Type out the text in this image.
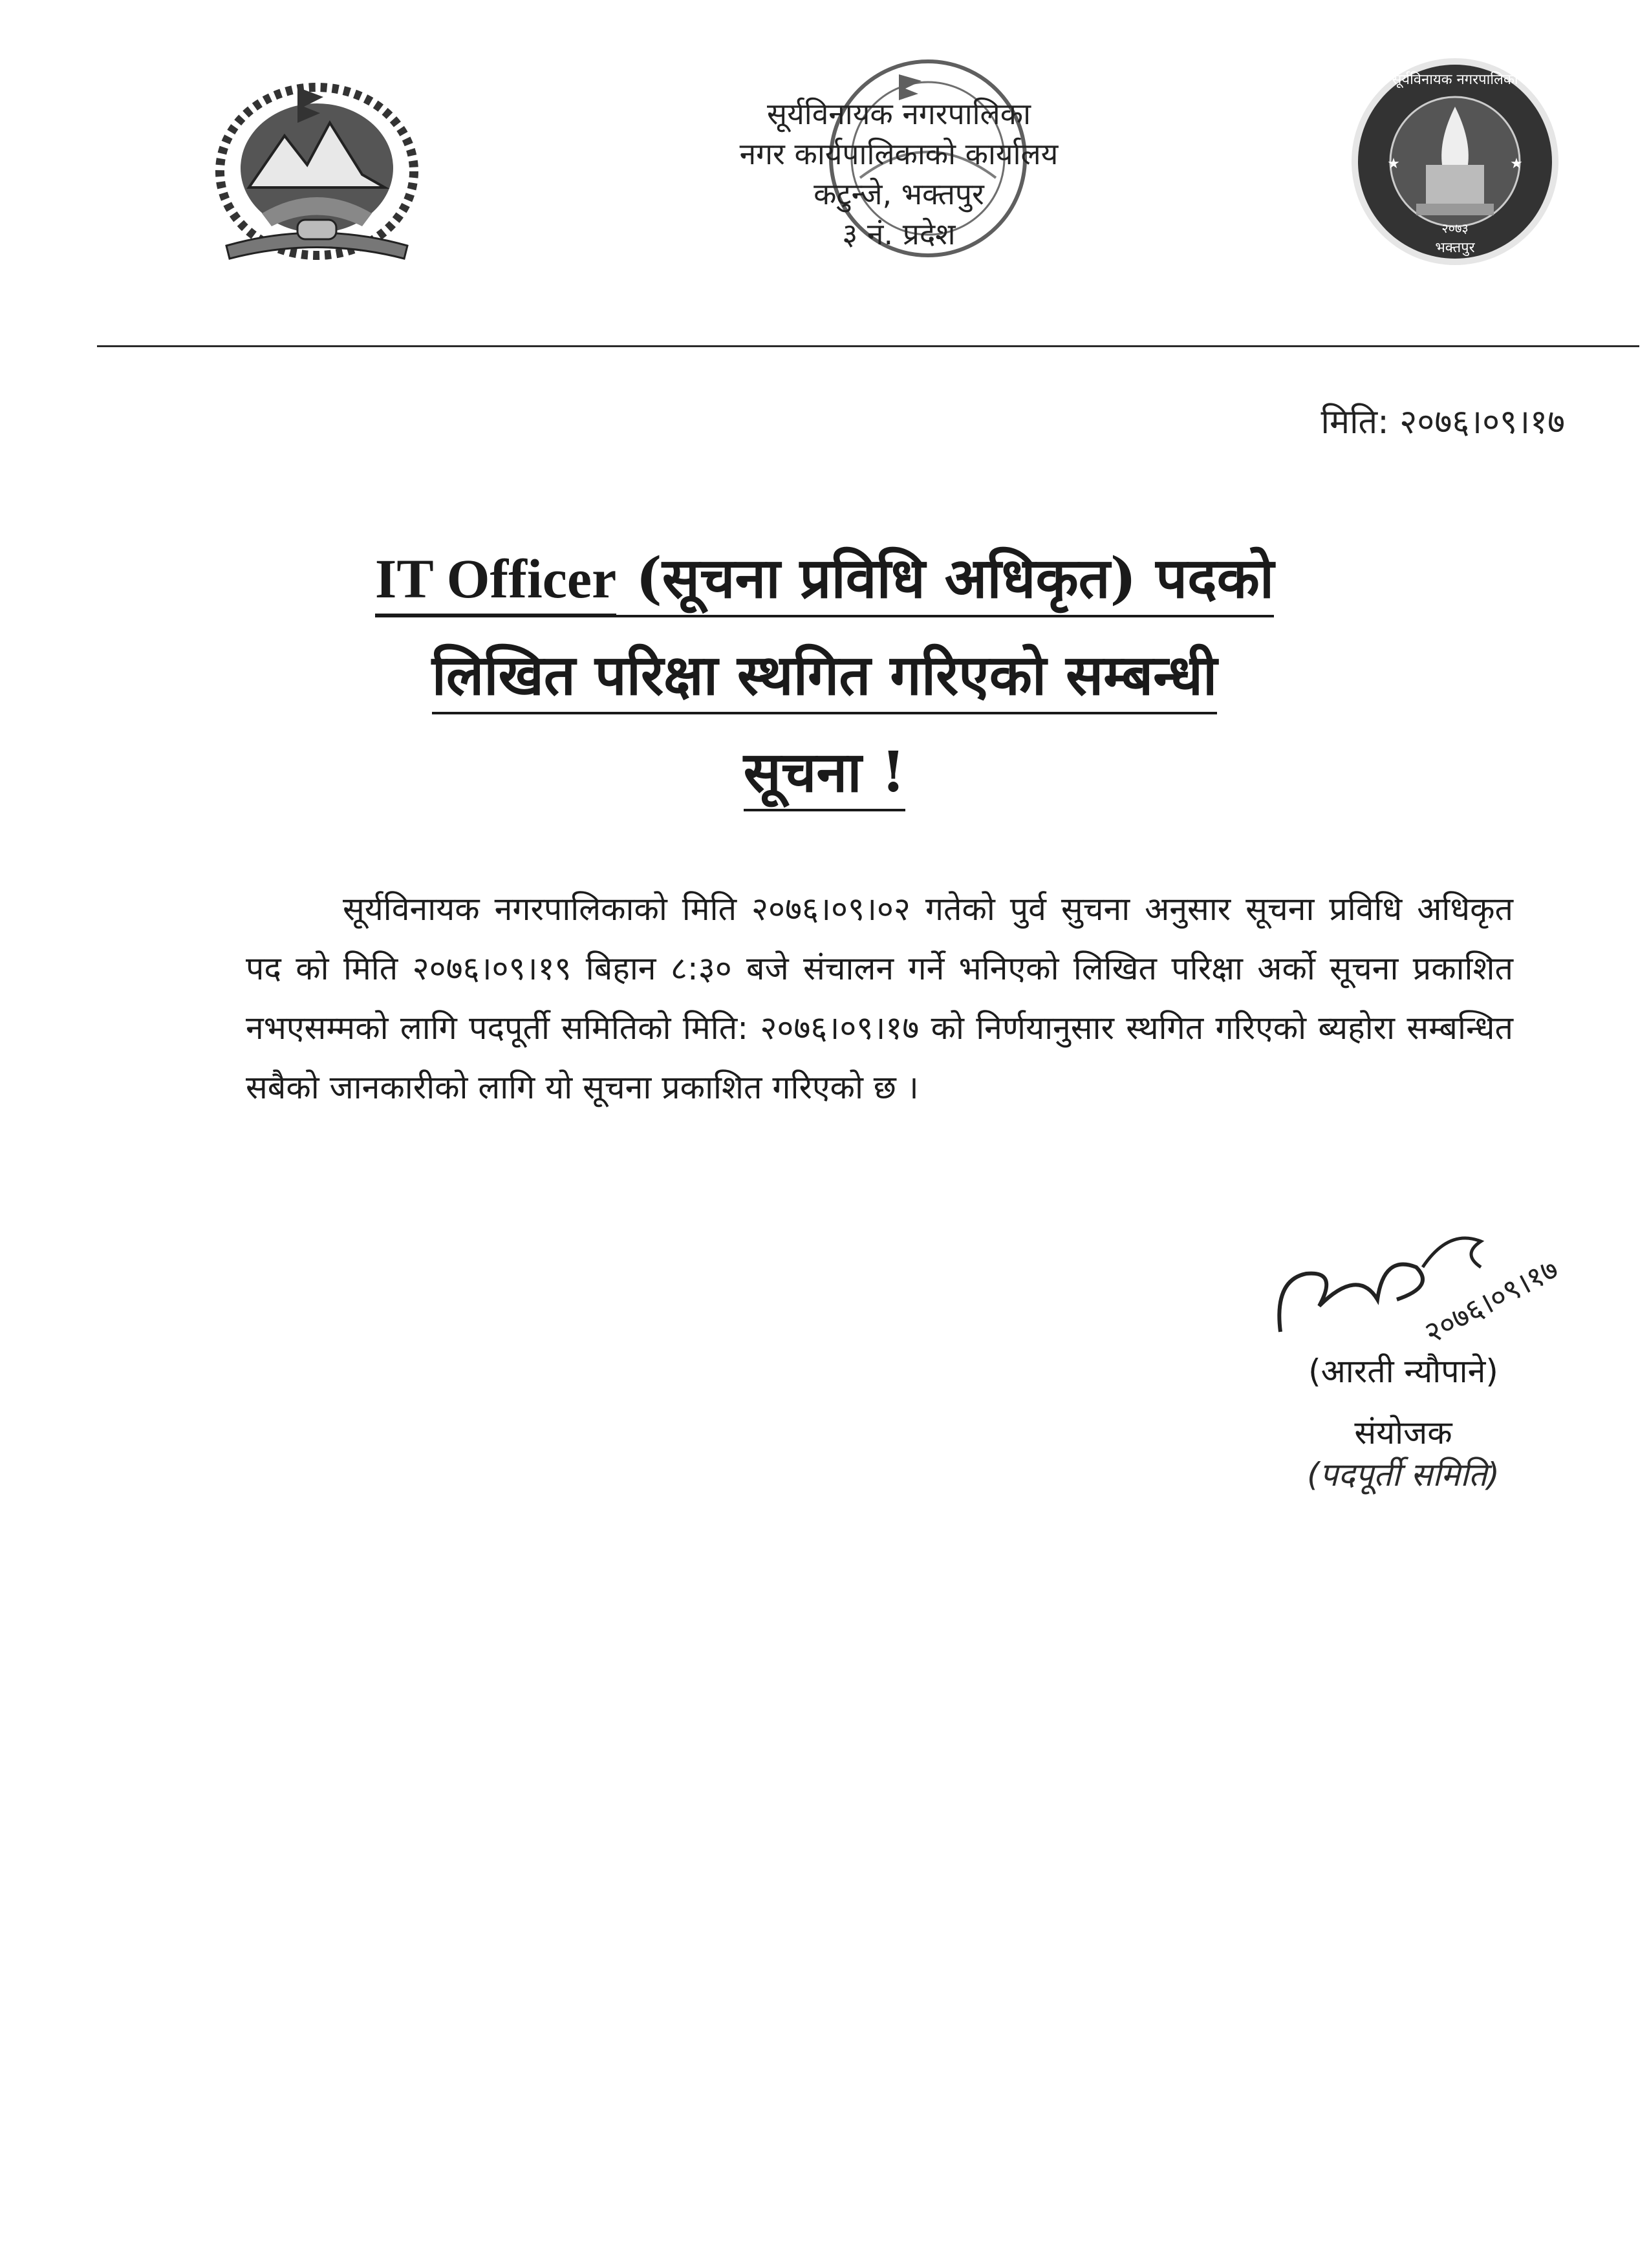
सूर्यविनायक नगरपालिका
नगर कार्यपालिकाको कार्यालय
कटुन्जे, भक्तपुर
३ नं. प्रदेश	२०७३
सूर्यविनायक नगरपालिका
भक्तपुर
★	★
मिति: २०७६।०९।१७
IT Officer (सूचना प्रविधि अधिकृत) पदको
लिखित परिक्षा स्थगित गरिएको सम्बन्धी
सूचना !
सूर्यविनायक नगरपालिकाको मिति २०७६।०९।०२ गतेको पुर्व सुचना अनुसार सूचना प्रविधि अधिकृत पद को मिति २०७६।०९।१९ बिहान ८:३० बजे संचालन गर्ने भनिएको लिखित परिक्षा अर्को सूचना प्रकाशित नभएसम्मको लागि पदपूर्ती समितिको मिति: २०७६।०९।१७ को निर्णयानुसार स्थगित गरिएको ब्यहोरा सम्बन्धित सबैको जानकारीको लागि यो सूचना प्रकाशित गरिएको छ ।
२०७६।०९।१७
(आरती न्यौपाने)
संयोजक
(पदपूर्ती समिति)
